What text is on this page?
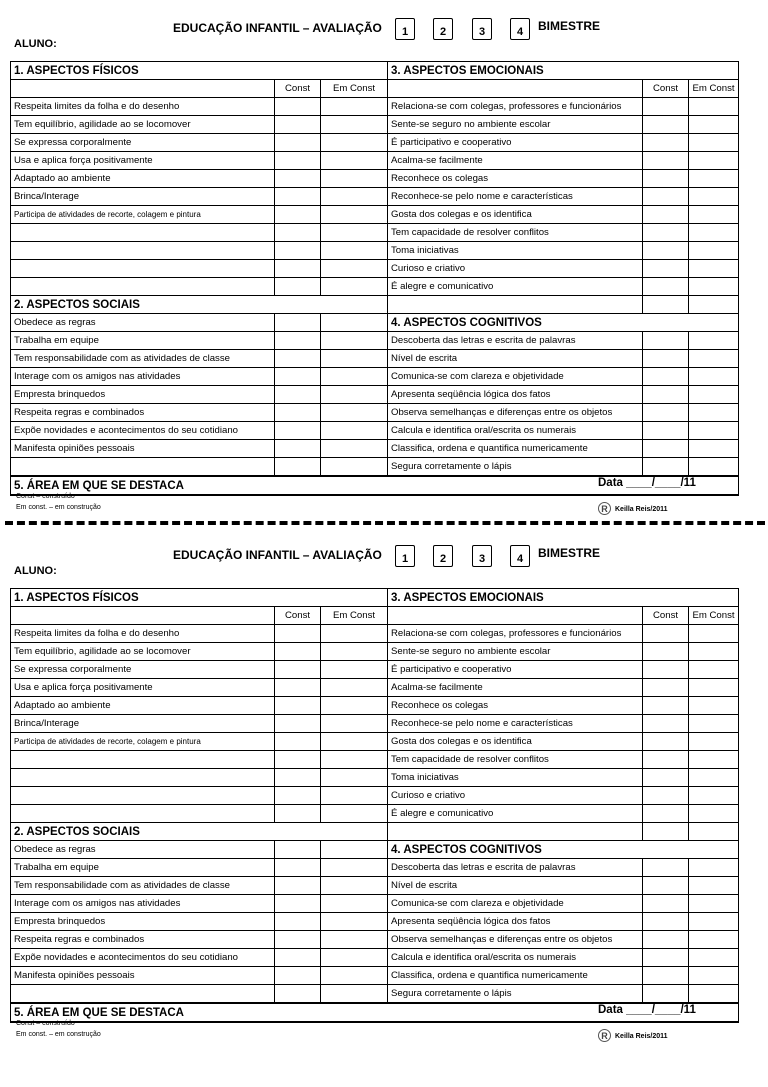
EDUCAÇÃO INFANTIL – AVALIAÇÃO	1	2	3	4	BIMESTRE
ALUNO:
1. ASPECTOS FÍSICOS			3. ASPECTOS EMOCIONAIS		
	Const	Em Const		Const	Em Const
Respeita limites da folha e do desenho			Relaciona-se com colegas, professores e funcionários		
Tem equilíbrio, agilidade ao se locomover			Sente-se seguro no ambiente escolar		
Se expressa corporalmente			É participativo e cooperativo		
Usa e aplica força positivamente			Acalma-se facilmente		
Adaptado ao ambiente			Reconhece os colegas		
Brinca/Interage			Reconhece-se pelo nome e características		
Participa de atividades de recorte, colagem e pintura			Gosta dos colegas e os identifica		
			Tem capacidade de resolver conflitos		
			Toma iniciativas		
			Curioso e criativo		
			É alegre e comunicativo		
2. ASPECTOS SOCIAIS					
Obedece as regras			4. ASPECTOS COGNITIVOS		
Trabalha em equipe			Descoberta das letras e escrita de palavras		
Tem responsabilidade com as atividades de classe			Nível de escrita		
Interage com os amigos nas atividades			Comunica-se com clareza e objetividade		
Empresta brinquedos			Apresenta seqüência lógica dos fatos		
Respeita regras e combinados			Observa semelhanças e diferenças entre os objetos		
Expõe novidades e acontecimentos do seu cotidiano			Calcula e identifica oral/escrita os numerais		
Manifesta opiniões pessoais			Classifica, ordena e quantifica numericamente		
			Segura corretamente o lápis		
5. ÁREA EM QUE SE DESTACA						Data ____/____/11
Const – construído
Em const. – em construção	R	Keilla Reis/2011
EDUCAÇÃO INFANTIL – AVALIAÇÃO	1	2	3	4	BIMESTRE
ALUNO:
1. ASPECTOS FÍSICOS			3. ASPECTOS EMOCIONAIS		
	Const	Em Const		Const	Em Const
Respeita limites da folha e do desenho			Relaciona-se com colegas, professores e funcionários		
Tem equilíbrio, agilidade ao se locomover			Sente-se seguro no ambiente escolar		
Se expressa corporalmente			É participativo e cooperativo		
Usa e aplica força positivamente			Acalma-se facilmente		
Adaptado ao ambiente			Reconhece os colegas		
Brinca/Interage			Reconhece-se pelo nome e características		
Participa de atividades de recorte, colagem e pintura			Gosta dos colegas e os identifica		
			Tem capacidade de resolver conflitos		
			Toma iniciativas		
			Curioso e criativo		
			É alegre e comunicativo		
2. ASPECTOS SOCIAIS					
Obedece as regras			4. ASPECTOS COGNITIVOS		
Trabalha em equipe			Descoberta das letras e escrita de palavras		
Tem responsabilidade com as atividades de classe			Nível de escrita		
Interage com os amigos nas atividades			Comunica-se com clareza e objetividade		
Empresta brinquedos			Apresenta seqüência lógica dos fatos		
Respeita regras e combinados			Observa semelhanças e diferenças entre os objetos		
Expõe novidades e acontecimentos do seu cotidiano			Calcula e identifica oral/escrita os numerais		
Manifesta opiniões pessoais			Classifica, ordena e quantifica numericamente		
			Segura corretamente o lápis		
5. ÁREA EM QUE SE DESTACA						Data ____/____/11
Const – construído
Em const. – em construção	R	Keilla Reis/2011
